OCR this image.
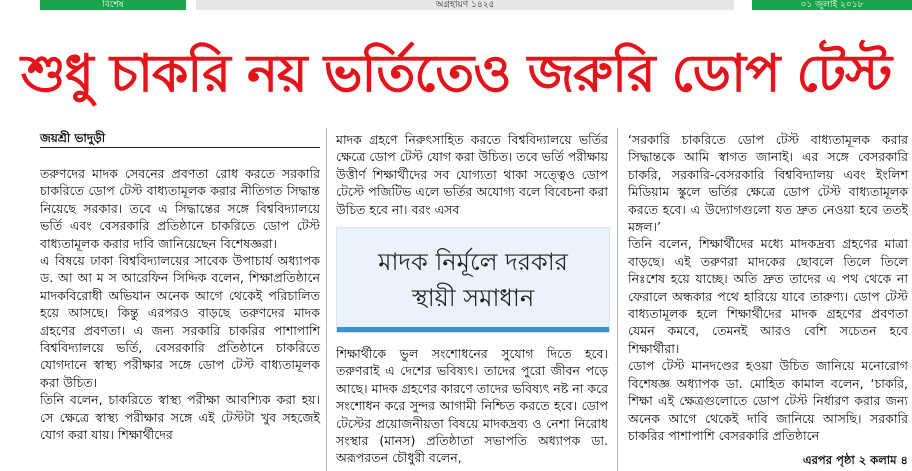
বিশেষ	অগ্রহায়ণ ১৪২৫	০১ জুলাই ২০১৮
শুধু চাকরি নয় ভর্তিতেও জরুরি ডোপ টেস্ট
জয়শ্রী ভাদুড়ী

তরুণদের মাদক সেবনের প্রবণতা রোধ করতে সরকারি চাকরিতে ডোপ টেস্ট বাধ্যতামূলক করার নীতিগত সিদ্ধান্ত নিয়েছে সরকার। তবে এ সিদ্ধান্তের সঙ্গে বিশ্ববিদ্যালয়ে ভর্তি এবং বেসরকারি প্রতিষ্ঠানে চাকরিতে ডোপ টেস্ট বাধ্যতামূলক করার দাবি জানিয়েছেন বিশেষজ্ঞরা।

এ বিষয়ে ঢাকা বিশ্ববিদ্যালয়ের সাবেক উপাচার্য অধ্যাপক ড. আ আ ম স আরেফিন সিদ্দিক বলেন, শিক্ষাপ্রতিষ্ঠানে মাদকবিরোধী অভিযান অনেক আগে থেকেই পরিচালিত হয়ে আসছে। কিন্তু এরপরও বাড়ছে তরুণদের মাদক গ্রহণের প্রবণতা। এ জন্য সরকারি চাকরির পাশাপাশি বিশ্ববিদ্যালয়ে ভর্তি, বেসরকারি প্রতিষ্ঠানে চাকরিতে যোগদানে স্বাস্থ্য পরীক্ষার সঙ্গে ডোপ টেস্ট বাধ্যতামূলক করা উচিত।

তিনি বলেন, চাকরিতে স্বাস্থ্য পরীক্ষা আবশ্যিক করা হয়। সে ক্ষেত্রে স্বাস্থ্য পরীক্ষার সঙ্গে এই টেস্টটা খুব সহজেই যোগ করা যায়। শিক্ষার্থীদের

মাদক গ্রহণে নিরুৎসাহিত করতে বিশ্ববিদ্যালয়ে ভর্তির ক্ষেত্রে ডোপ টেস্ট যোগ করা উচিত। তবে ভর্তি পরীক্ষায় উত্তীর্ণ শিক্ষার্থীদের সব যোগ্যতা থাকা সত্ত্বেও ডোপ টেস্টে পজিটিভ এলে ভর্তির অযোগ্য বলে বিবেচনা করা উচিত হবে না। বরং এসব

মাদক নির্মূলে দরকার
স্থায়ী সমাধান

শিক্ষার্থীকে ভুল সংশোধনের সুযোগ দিতে হবে। তরুণরাই এ দেশের ভবিষ্যৎ। তাদের পুরো জীবন পড়ে আছে। মাদক গ্রহণের কারণে তাদের ভবিষ্যৎ নষ্ট না করে সংশোধন করে সুন্দর আগামী নিশ্চিত করতে হবে। ডোপ টেস্টের প্রয়োজনীয়তা বিষয়ে মাদকদ্রব্য ও নেশা নিরোধ সংস্থার (মানস) প্রতিষ্ঠাতা সভাপতি অধ্যাপক ডা. অরূপরতন চৌধুরী বলেন,

‘সরকারি চাকরিতে ডোপ টেস্ট বাধ্যতামূলক করার সিদ্ধান্তকে আমি স্বাগত জানাই। এর সঙ্গে বেসরকারি চাকরি, সরকারি-বেসরকারি বিশ্ববিদ্যালয় এবং ইংলিশ মিডিয়াম স্কুলে ভর্তির ক্ষেত্রে ডোপ টেস্ট বাধ্যতামূলক করতে হবে। এ উদ্যোগগুলো যত দ্রুত নেওয়া হবে ততই মঙ্গল।’

তিনি বলেন, শিক্ষার্থীদের মধ্যে মাদকদ্রব্য গ্রহণের মাত্রা বাড়ছে। এই তরুণরা মাদকের ছোবলে তিলে তিলে নিঃশেষ হয়ে যাচ্ছে। অতি দ্রুত তাদের এ পথ থেকে না ফেরালে অন্ধকার পথে হারিয়ে যাবে তারুণ্য। ডোপ টেস্ট বাধ্যতামূলক হলে শিক্ষার্থীদের মাদক গ্রহণের প্রবণতা যেমন কমবে, তেমনই আরও বেশি সচেতন হবে শিক্ষার্থীরা।

ডোপ টেস্ট মানদণ্ডের হওয়া উচিত জানিয়ে মনোরোগ বিশেষজ্ঞ অধ্যাপক ডা. মোহিত কামাল বলেন, ‘চাকরি, শিক্ষা এই ক্ষেত্রগুলোতে ডোপ টেস্ট নির্ধারণ করার জন্য অনেক আগে থেকেই দাবি জানিয়ে আসছি। সরকারি চাকরির পাশাপাশি বেসরকারি প্রতিষ্ঠানে

এরপর পৃষ্ঠা ২ কলাম ৪
